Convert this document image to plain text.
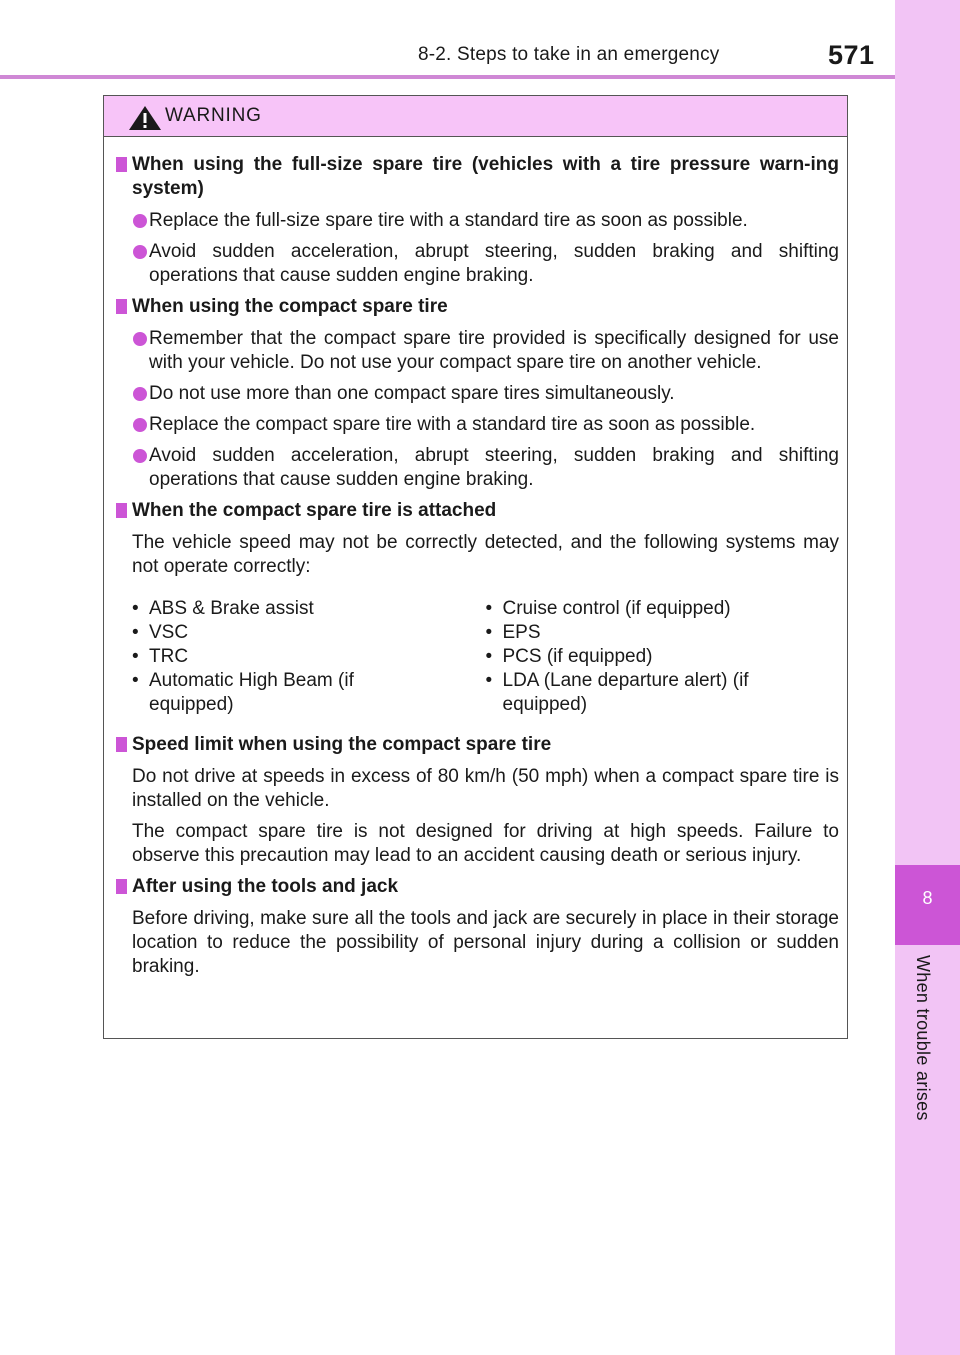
8-2. Steps to take in an emergency	571
8
When trouble arises
WARNING
When using the full-size spare tire (vehicles with a tire pressure warn-ing system)
Replace the full-size spare tire with a standard tire as soon as possible.
Avoid sudden acceleration, abrupt steering, sudden braking and shifting operations that cause sudden engine braking.
When using the compact spare tire
Remember that the compact spare tire provided is specifically designed for use with your vehicle. Do not use your compact spare tire on another vehicle.
Do not use more than one compact spare tires simultaneously.
Replace the compact spare tire with a standard tire as soon as possible.
Avoid sudden acceleration, abrupt steering, sudden braking and shifting operations that cause sudden engine braking.
When the compact spare tire is attached
The vehicle speed may not be correctly detected, and the following systems may not operate correctly:
• ABS & Brake assist
• VSC
• TRC
• Automatic High Beam (if equipped)
• Cruise control (if equipped)
• EPS
• PCS (if equipped)
• LDA (Lane departure alert) (if equipped)
Speed limit when using the compact spare tire
Do not drive at speeds in excess of 80 km/h (50 mph) when a compact spare tire is installed on the vehicle.
The compact spare tire is not designed for driving at high speeds. Failure to observe this precaution may lead to an accident causing death or serious injury.
After using the tools and jack
Before driving, make sure all the tools and jack are securely in place in their storage location to reduce the possibility of personal injury during a collision or sudden braking.
